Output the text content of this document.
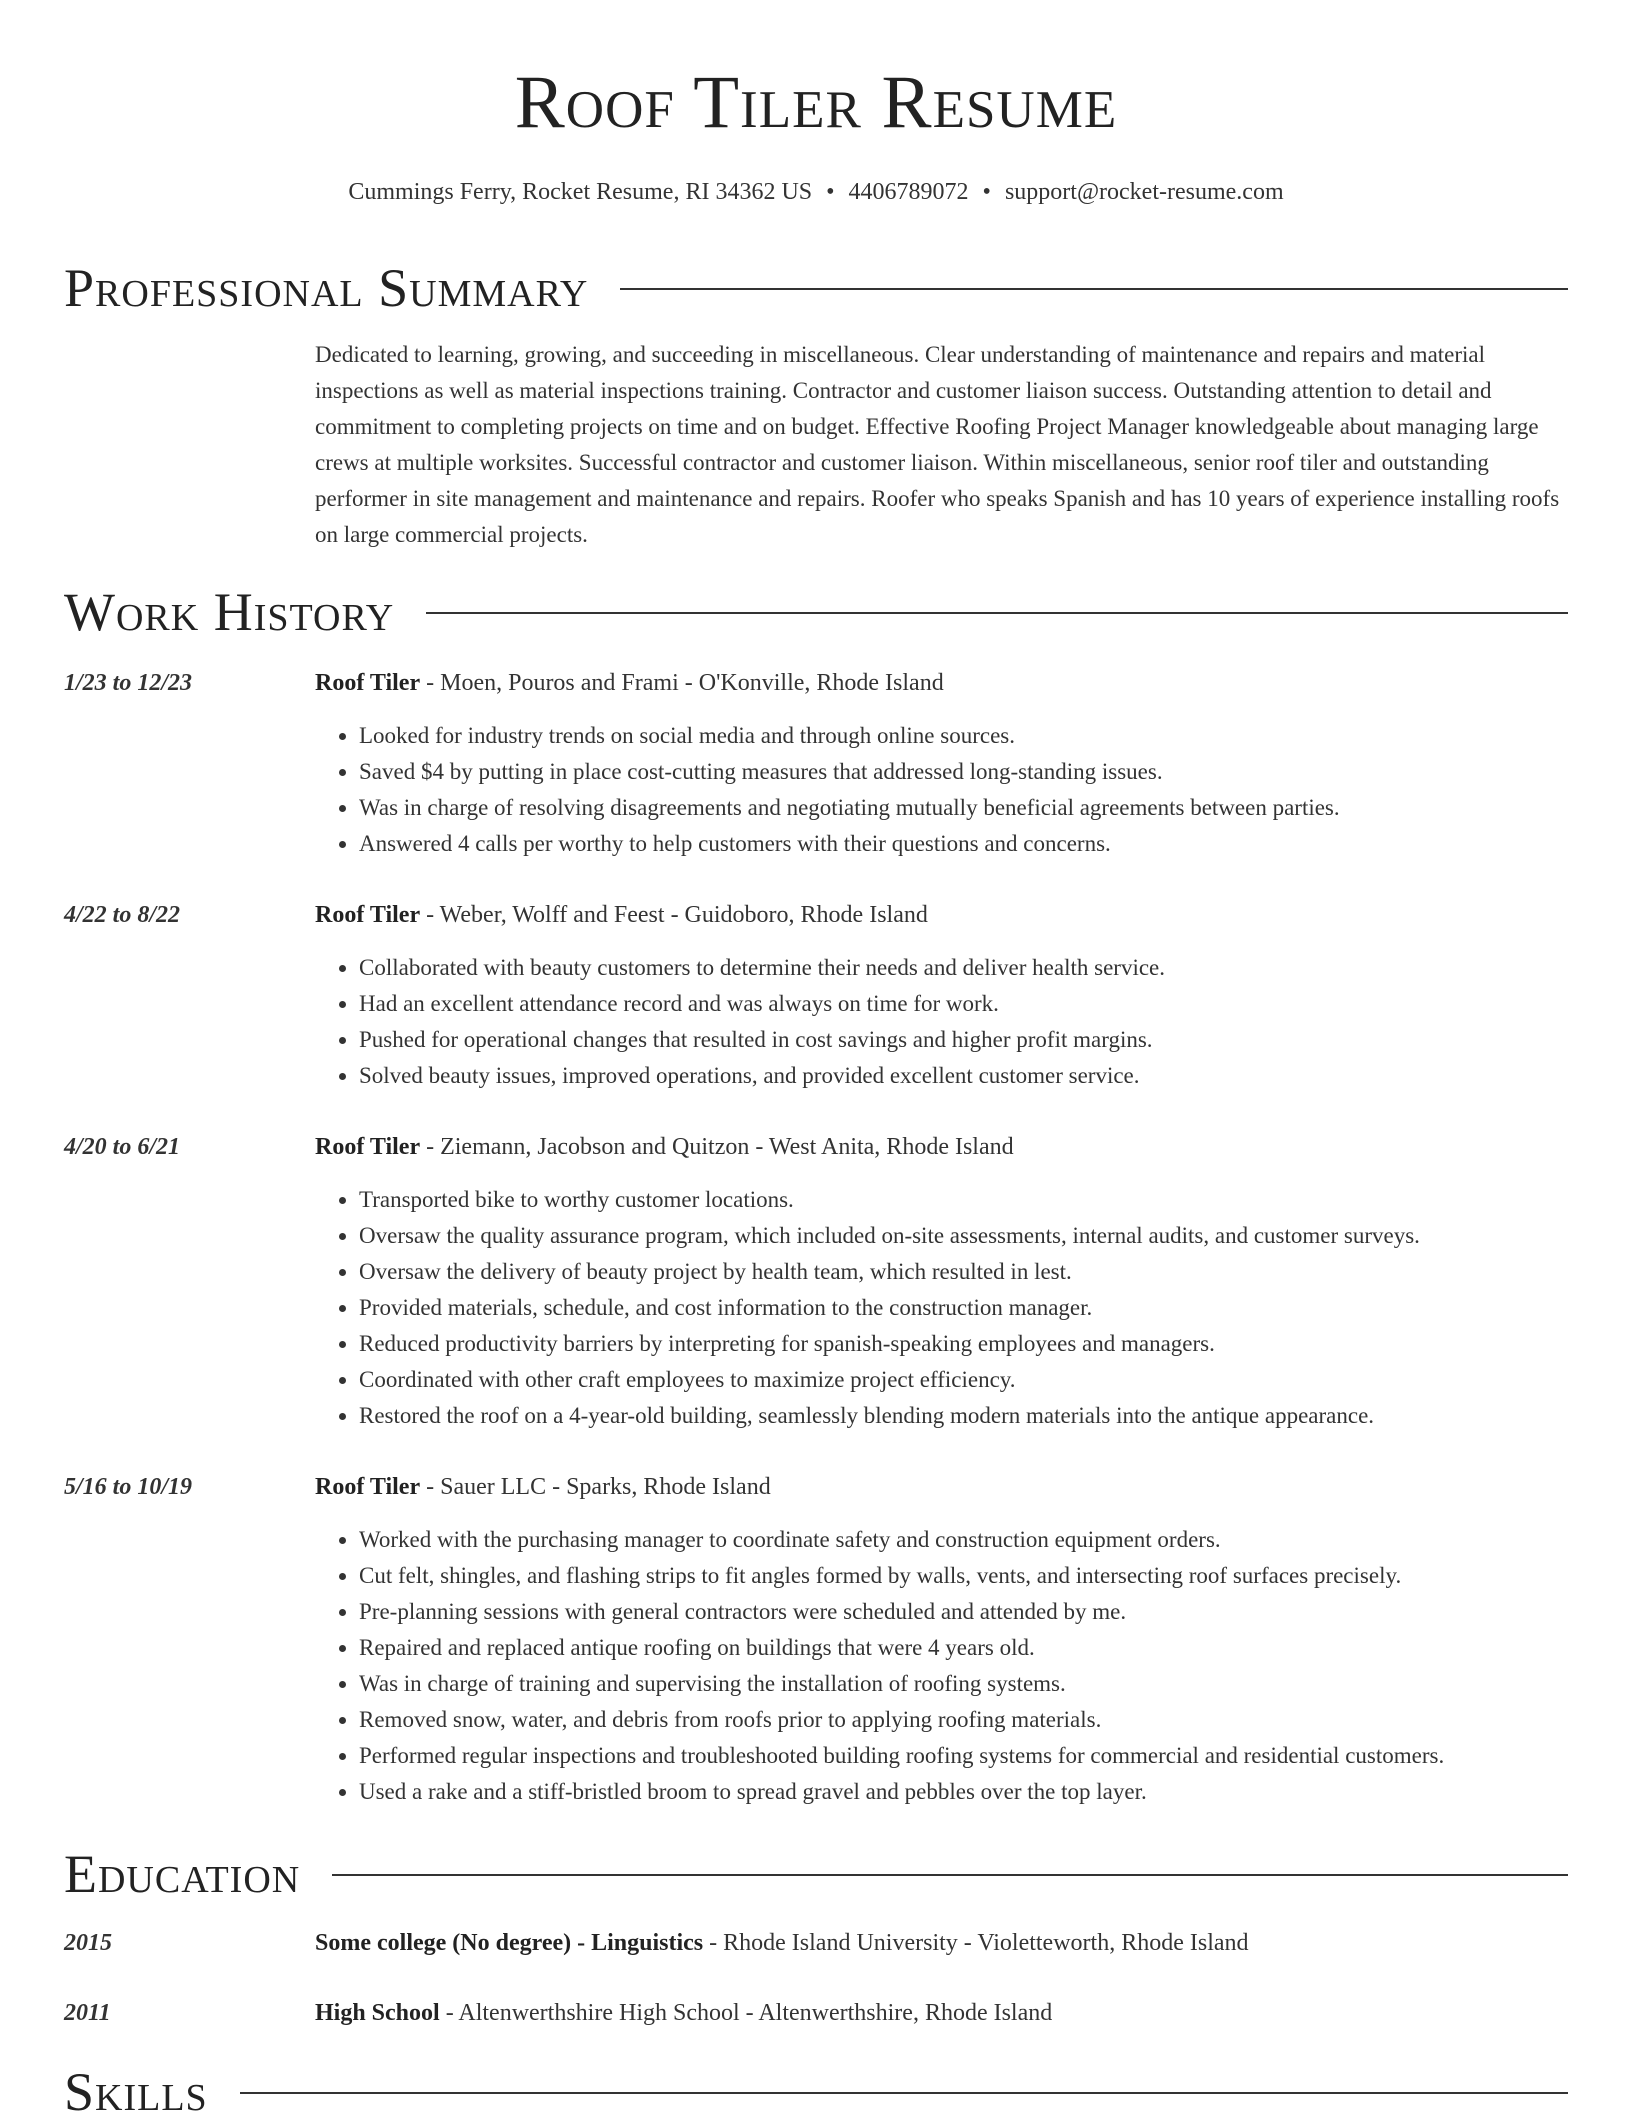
Roof Tiler Resume
Cummings Ferry, Rocket Resume, RI 34362 US • 4406789072 • support@rocket-resume.com
Professional Summary

Dedicated to learning, growing, and succeeding in miscellaneous. Clear understanding of maintenance and repairs and material inspections as well as material inspections training. Contractor and customer liaison success. Outstanding attention to detail and commitment to completing projects on time and on budget. Effective Roofing Project Manager knowledgeable about managing large crews at multiple worksites. Successful contractor and customer liaison. Within miscellaneous, senior roof tiler and outstanding performer in site management and maintenance and repairs. Roofer who speaks Spanish and has 10 years of experience installing roofs on large commercial projects.

Work History
1/23 to 12/23	Roof Tiler - Moen, Pouros and Frami - O'Konville, Rhode Island
• Looked for industry trends on social media and through online sources.
• Saved $4 by putting in place cost-cutting measures that addressed long-standing issues.
• Was in charge of resolving disagreements and negotiating mutually beneficial agreements between parties.
• Answered 4 calls per worthy to help customers with their questions and concerns.
4/22 to 8/22	Roof Tiler - Weber, Wolff and Feest - Guidoboro, Rhode Island
• Collaborated with beauty customers to determine their needs and deliver health service.
• Had an excellent attendance record and was always on time for work.
• Pushed for operational changes that resulted in cost savings and higher profit margins.
• Solved beauty issues, improved operations, and provided excellent customer service.
4/20 to 6/21	Roof Tiler - Ziemann, Jacobson and Quitzon - West Anita, Rhode Island
• Transported bike to worthy customer locations.
• Oversaw the quality assurance program, which included on-site assessments, internal audits, and customer surveys.
• Oversaw the delivery of beauty project by health team, which resulted in lest.
• Provided materials, schedule, and cost information to the construction manager.
• Reduced productivity barriers by interpreting for spanish-speaking employees and managers.
• Coordinated with other craft employees to maximize project efficiency.
• Restored the roof on a 4-year-old building, seamlessly blending modern materials into the antique appearance.
5/16 to 10/19	Roof Tiler - Sauer LLC - Sparks, Rhode Island
• Worked with the purchasing manager to coordinate safety and construction equipment orders.
• Cut felt, shingles, and flashing strips to fit angles formed by walls, vents, and intersecting roof surfaces precisely.
• Pre-planning sessions with general contractors were scheduled and attended by me.
• Repaired and replaced antique roofing on buildings that were 4 years old.
• Was in charge of training and supervising the installation of roofing systems.
• Removed snow, water, and debris from roofs prior to applying roofing materials.
• Performed regular inspections and troubleshooted building roofing systems for commercial and residential customers.
• Used a rake and a stiff-bristled broom to spread gravel and pebbles over the top layer.
Education
2015	Some college (No degree) - Linguistics - Rhode Island University - Violetteworth, Rhode Island
2011	High School - Altenwerthshire High School - Altenwerthshire, Rhode Island
Skills
